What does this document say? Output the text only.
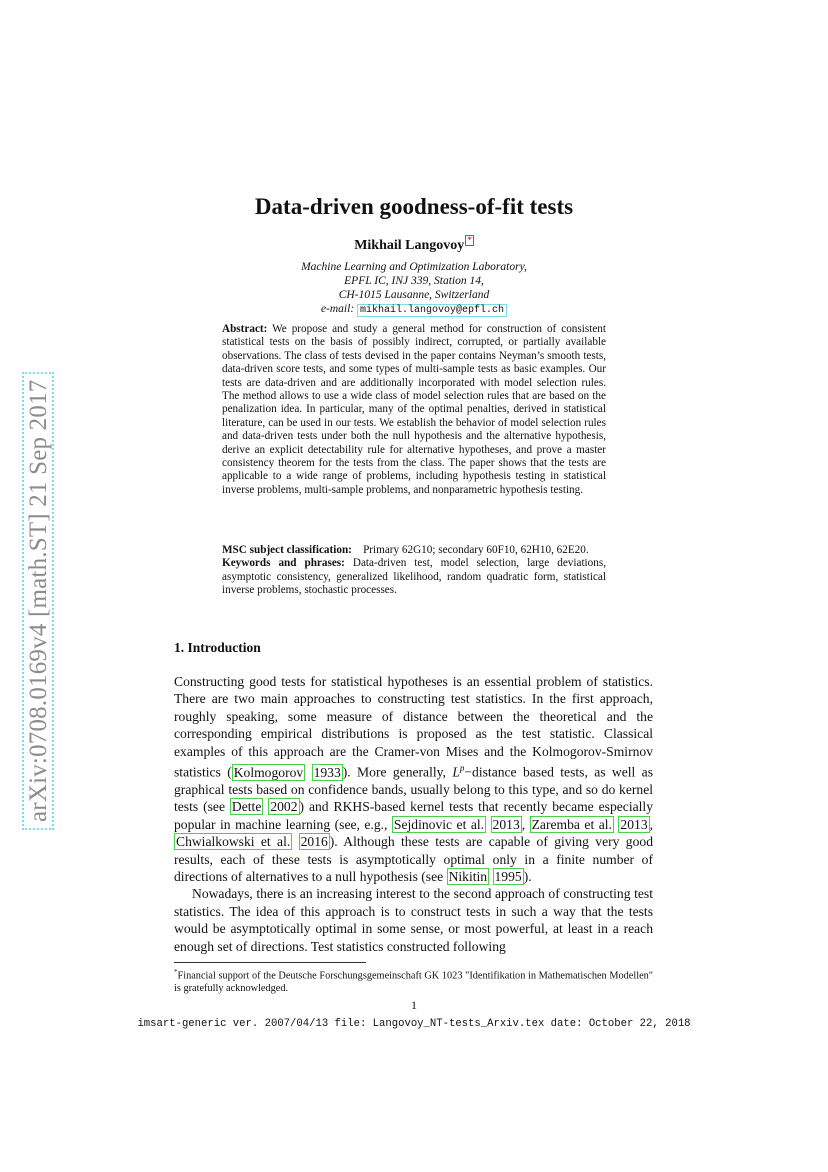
arXiv:0708.0169v4 [math.ST] 21 Sep 2017
Data-driven goodness-of-fit tests
Mikhail Langovoy *
Machine Learning and Optimization Laboratory,
EPFL IC, INJ 339, Station 14,
CH-1015 Lausanne, Switzerland
e-mail: mikhail.langovoy@epfl.ch
Abstract: We propose and study a general method for construction of consistent statistical tests on the basis of possibly indirect, corrupted, or partially available observations. The class of tests devised in the paper contains Neyman’s smooth tests, data-driven score tests, and some types of multi-sample tests as basic examples. Our tests are data-driven and are additionally incorporated with model selection rules. The method allows to use a wide class of model selection rules that are based on the penalization idea. In particular, many of the optimal penalties, derived in statistical literature, can be used in our tests. We establish the behavior of model selection rules and data-driven tests under both the null hypothesis and the alternative hypothesis, derive an explicit detectability rule for alternative hypotheses, and prove a master consistency theorem for the tests from the class. The paper shows that the tests are applicable to a wide range of problems, including hypothesis testing in statistical inverse problems, multi-sample problems, and nonparametric hypothesis testing.
MSC subject classification: Primary 62G10; secondary 60F10, 62H10, 62E20.
Keywords and phrases: Data-driven test, model selection, large deviations, asymptotic consistency, generalized likelihood, random quadratic form, statistical inverse problems, stochastic processes.
1. Introduction

Constructing good tests for statistical hypotheses is an essential problem of statistics. There are two main approaches to constructing test statistics. In the first approach, roughly speaking, some measure of distance between the theoretical and the corresponding empirical distributions is proposed as the test statistic. Classical examples of this approach are the Cramer-von Mises and the Kolmogorov-Smirnov statistics ( Kolmogorov 1933 ). More generally, $L^p-distance$ based tests, as well as graphical tests based on confidence bands, usually belong to this type, and so do kernel tests (see Dette 2002 ) and RKHS-based kernel tests that recently became especially popular in machine learning (see, e.g., Sejdinovic et al. 2013 , Zaremba et al. 2013 , Chwialkowski et al. 2016 ). Although these tests are capable of giving very good results, each of these tests is asymptotically optimal only in a finite number of directions of alternatives to a null hypothesis (see Nikitin 1995 ).

Nowadays, there is an increasing interest to the second approach of constructing test statistics. The idea of this approach is to construct tests in such a way that the tests would be asymptotically optimal in some sense, or most powerful, at least in a reach enough set of directions. Test statistics constructed following

*Financial support of the Deutsche Forschungsgemeinschaft GK 1023 "Identifikation in Mathematischen Modellen" is gratefully acknowledged.
1
imsart-generic ver. 2007/04/13 file: Langovoy_NT-tests_Arxiv.tex date: October 22, 2018
